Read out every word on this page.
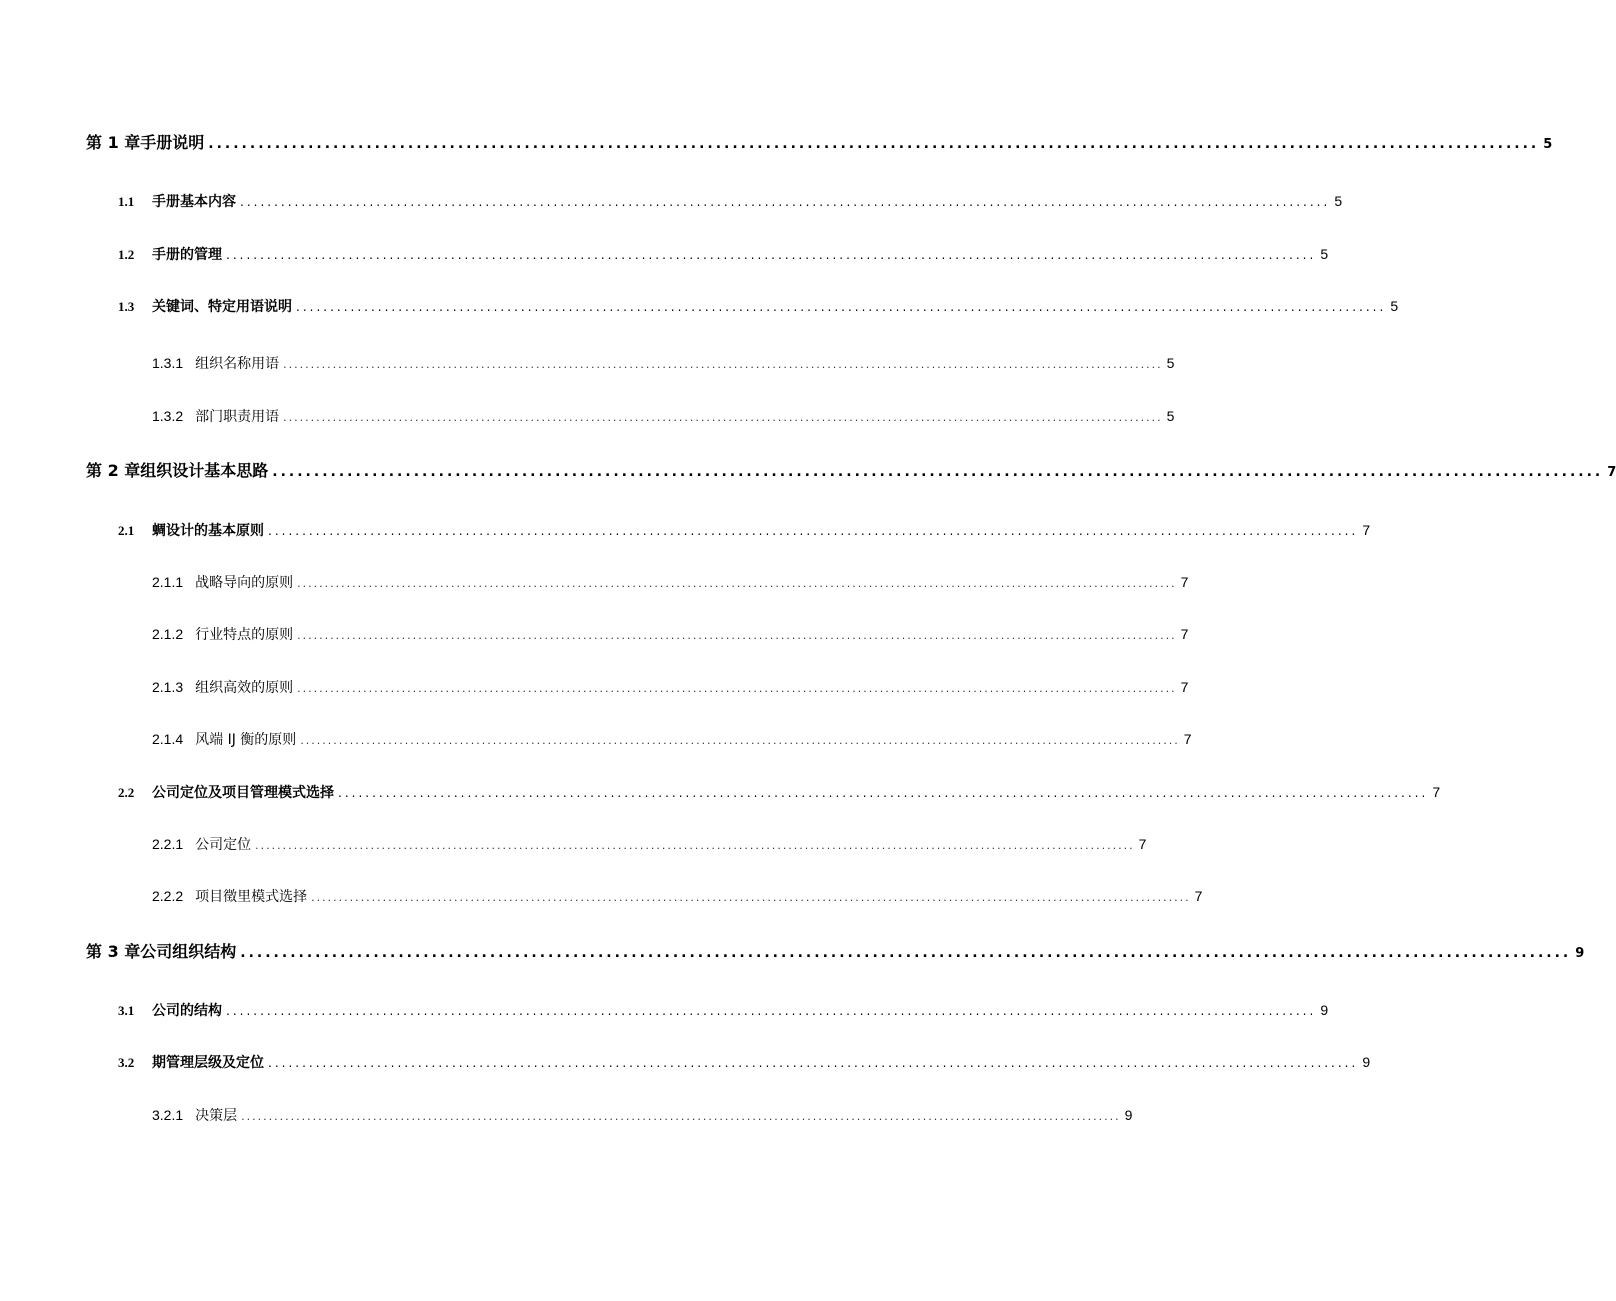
第 1 章手册说明 ................................................................................................................................................................ 5
1.1	手册基本内容 ................................................................................................................................................................ 5
1.2	手册的管理 ................................................................................................................................................................ 5
1.3	关键词、特定用语说明 ................................................................................................................................................................ 5
1.3.1 组织名称用语 ................................................................................................................................................................ 5
1.3.2 部门职责用语 ................................................................................................................................................................ 5
第 2 章组织设计基本思路 ................................................................................................................................................................ 7
2.1	蜩设计的基本原则 ................................................................................................................................................................ 7
2.1.1 战略导向的原则 ................................................................................................................................................................ 7
2.1.2 行业特点的原则 ................................................................................................................................................................ 7
2.1.3 组织高效的原则 ................................................................................................................................................................ 7
2.1.4 风端 IJ 衡的原则 ................................................................................................................................................................ 7
2.2	公司定位及项目管理模式选择 ................................................................................................................................................................ 7
2.2.1 公司定位 ................................................................................................................................................................ 7
2.2.2 项目徵里模式选择 ................................................................................................................................................................ 7
第 3 章公司组织结构 ................................................................................................................................................................ 9
3.1	公司的结构 ................................................................................................................................................................ 9
3.2	期管理层级及定位 ................................................................................................................................................................ 9
3.2.1 决策层 ................................................................................................................................................................ 9
